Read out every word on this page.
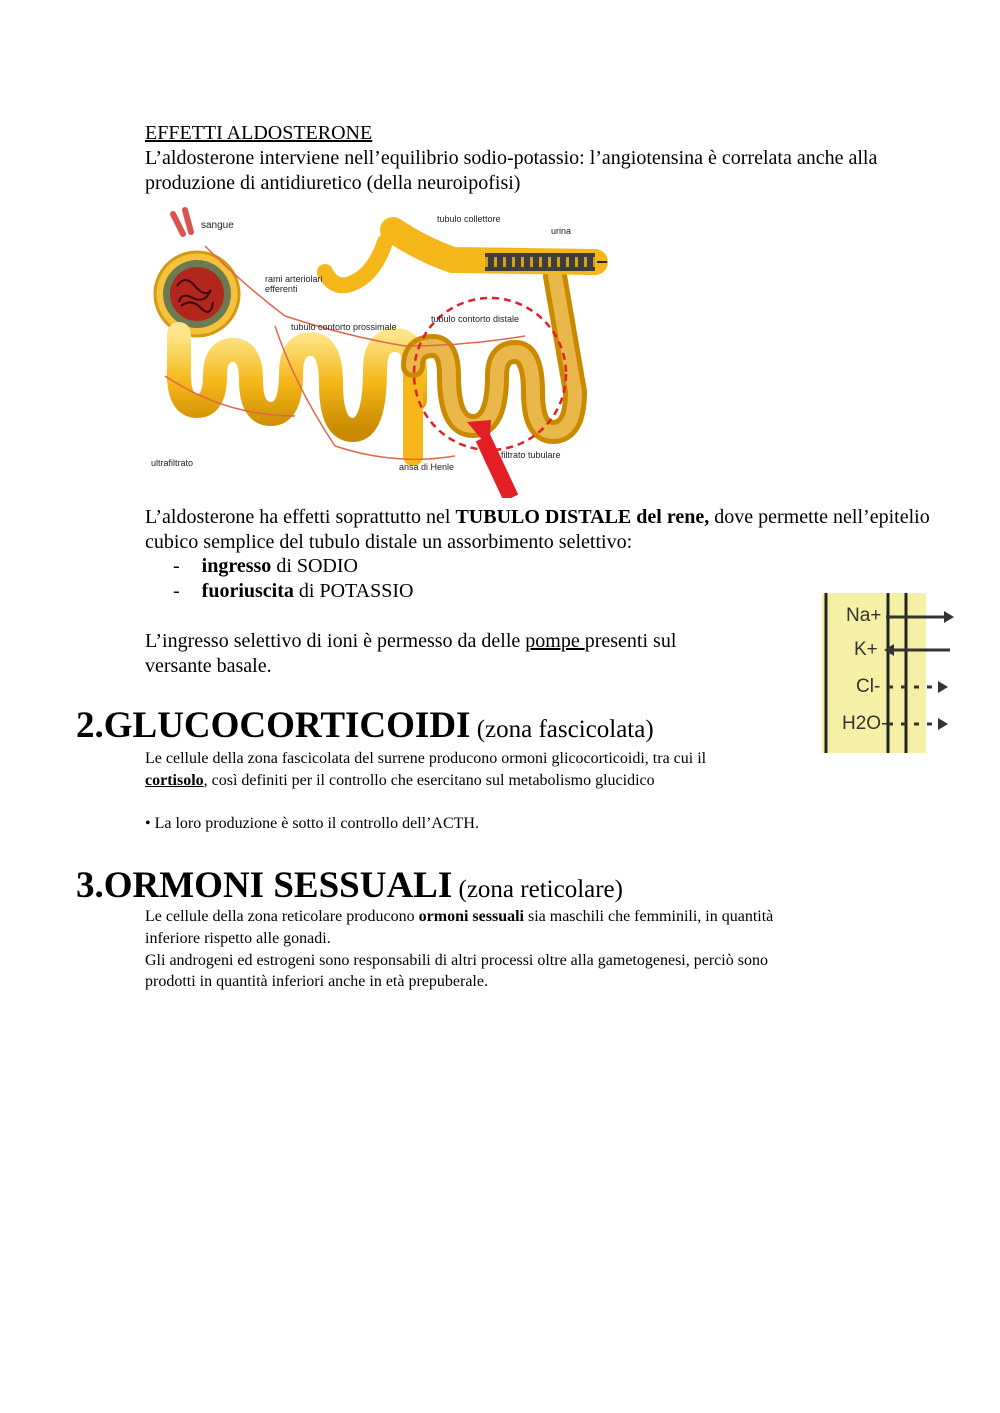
EFFETTI ALDOSTERONE
L’aldosterone interviene nell’equilibrio sodio-potassio: l’angiotensina è correlata anche alla
produzione di antidiuretico (della neuroipofisi)
sangue
rami arteriolari
efferenti
tubulo collettore
urina
tubulo contorto prossimale
tubulo contorto distale
ultrafiltrato	ansa di Henle
filtrato tubulare
L’aldosterone ha effetti soprattutto nel TUBULO DISTALE del rene, dove permette nell’epitelio
cubico semplice del tubulo distale un assorbimento selettivo:
- ingresso di SODIO
- fuoriuscita di POTASSIO
L’ingresso selettivo di ioni è permesso da delle pompe presenti sul
versante basale.
Na+
K+
Cl-
H2O-
2.GLUCOCORTICOIDI (zona fascicolata)
Le cellule della zona fascicolata del surrene producono ormoni glicocorticoidi, tra cui il
cortisolo, così definiti per il controllo che esercitano sul metabolismo glucidico
• La loro produzione è sotto il controllo dell’ACTH.
3.ORMONI SESSUALI (zona reticolare)
Le cellule della zona reticolare producono ormoni sessuali sia maschili che femminili, in quantità
inferiore rispetto alle gonadi.
Gli androgeni ed estrogeni sono responsabili di altri processi oltre alla gametogenesi, perciò sono
prodotti in quantità inferiori anche in età prepuberale.
